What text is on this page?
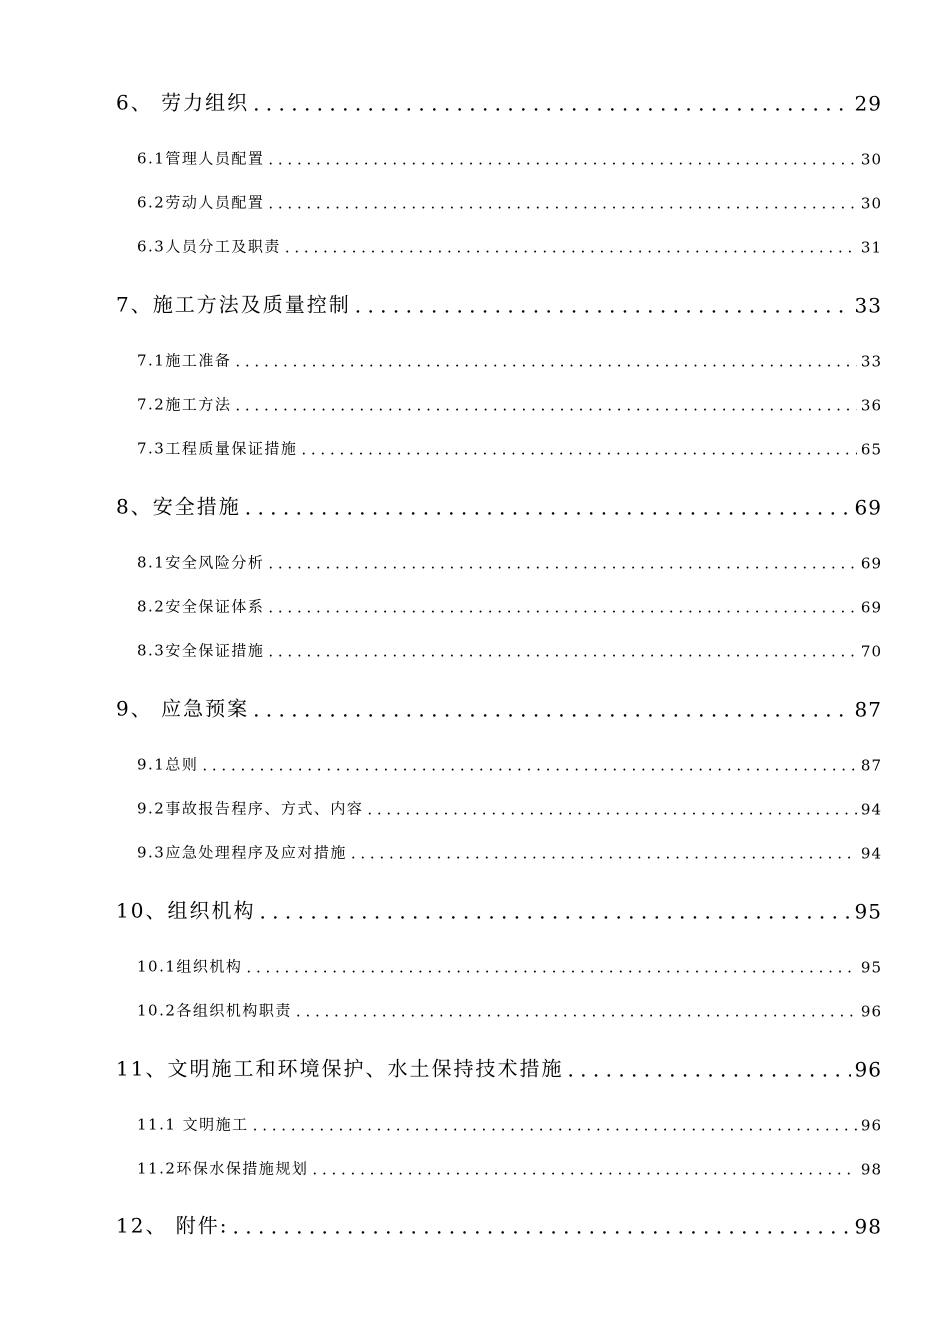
6、 劳力组织 . . .	29
6.1管理人员配置 . . .	30
6.2劳动人员配置 . . .	30
6.3人员分工及职责 . . .	31
7、施工方法及质量控制 . . .	33
7.1施工准备 . . .	33
7.2施工方法 . . .	36
7.3工程质量保证措施 . . .	65
8、安全措施 . . .	69
8.1安全风险分析 . . .	69
8.2安全保证体系 . . .	69
8.3安全保证措施 . . .	70
9、 应急预案 . . .	87
9.1总则 . . .	87
9.2事故报告程序、方式、内容 . . .	94
9.3应急处理程序及应对措施 . . .	94
10、组织机构 . . .	95
10.1组织机构 . . .	95
10.2各组织机构职责 . . .	96
11、文明施工和环境保护、水土保持技术措施 . . .	96
11.1 文明施工 . . .	96
11.2环保水保措施规划 . . .	98
12、 附件: . . .	98
